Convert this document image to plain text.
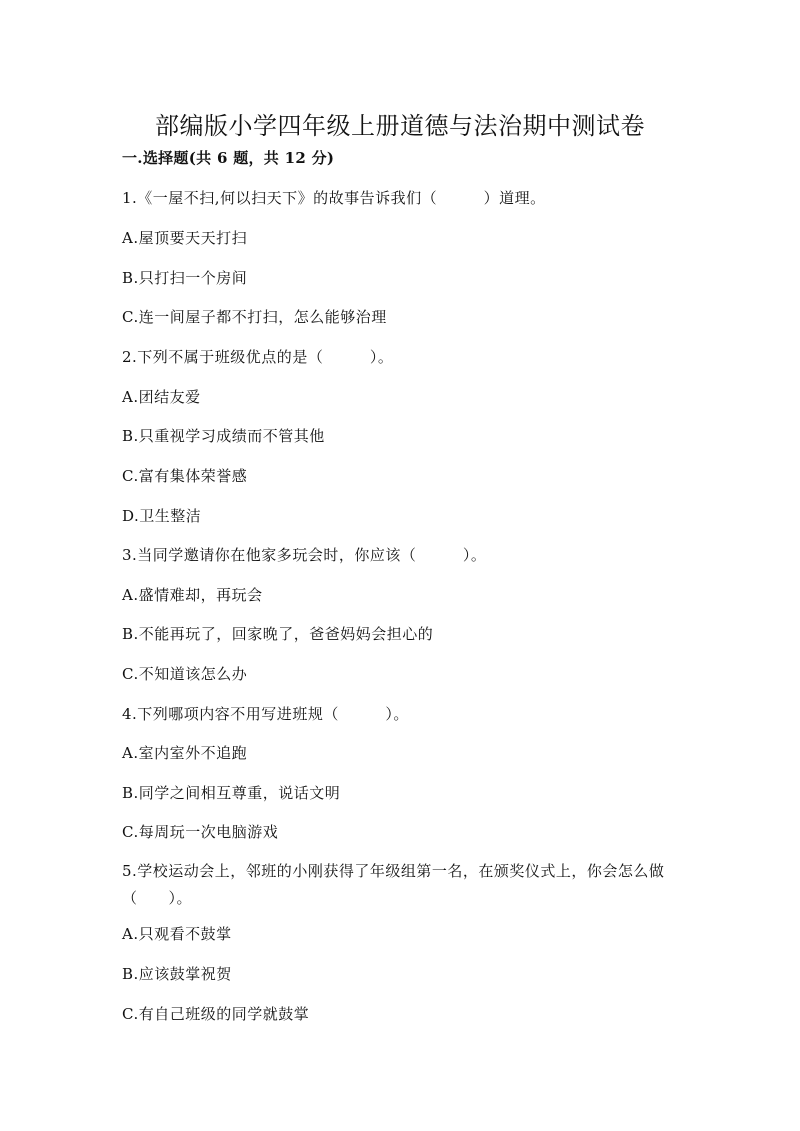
部编版小学四年级上册道德与法治期中测试卷
一.选择题(共 6 题，共 12 分)
1.《一屋不扫,何以扫天下》的故事告诉我们（　　　）道理。
A.屋顶要天天打扫
B.只打扫一个房间
C.连一间屋子都不打扫，怎么能够治理
2.下列不属于班级优点的是（　　　）。
A.团结友爱
B.只重视学习成绩而不管其他
C.富有集体荣誉感
D.卫生整洁
3.当同学邀请你在他家多玩会时，你应该（　　　）。
A.盛情难却，再玩会
B.不能再玩了，回家晚了，爸爸妈妈会担心的
C.不知道该怎么办
4.下列哪项内容不用写进班规（　　　）。
A.室内室外不追跑
B.同学之间相互尊重，说话文明
C.每周玩一次电脑游戏
5.学校运动会上，邻班的小刚获得了年级组第一名，在颁奖仪式上，你会怎么做（　　）。
A.只观看不鼓掌
B.应该鼓掌祝贺
C.有自己班级的同学就鼓掌
